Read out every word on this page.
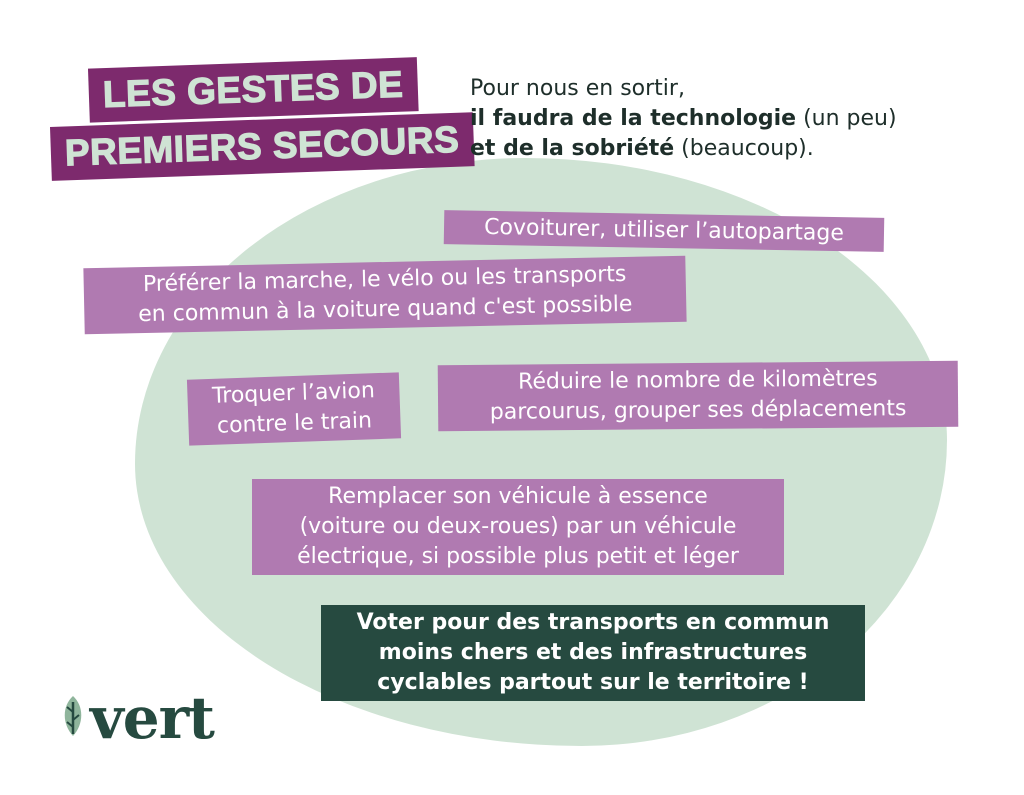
LES GESTES DE
PREMIERS SECOURS
Pour nous en sortir,
il faudra de la technologie (un peu)
et de la sobriété (beaucoup).
Covoiturer, utiliser l’autopartage
Préférer la marche, le vélo ou les transports
en commun à la voiture quand c'est possible
Troquer l’avion
contre le train
Réduire le nombre de kilomètres
parcourus, grouper ses déplacements
Remplacer son véhicule à essence
(voiture ou deux-roues) par un véhicule
électrique, si possible plus petit et léger
Voter pour des transports en commun
moins chers et des infrastructures
cyclables partout sur le territoire !
vert
